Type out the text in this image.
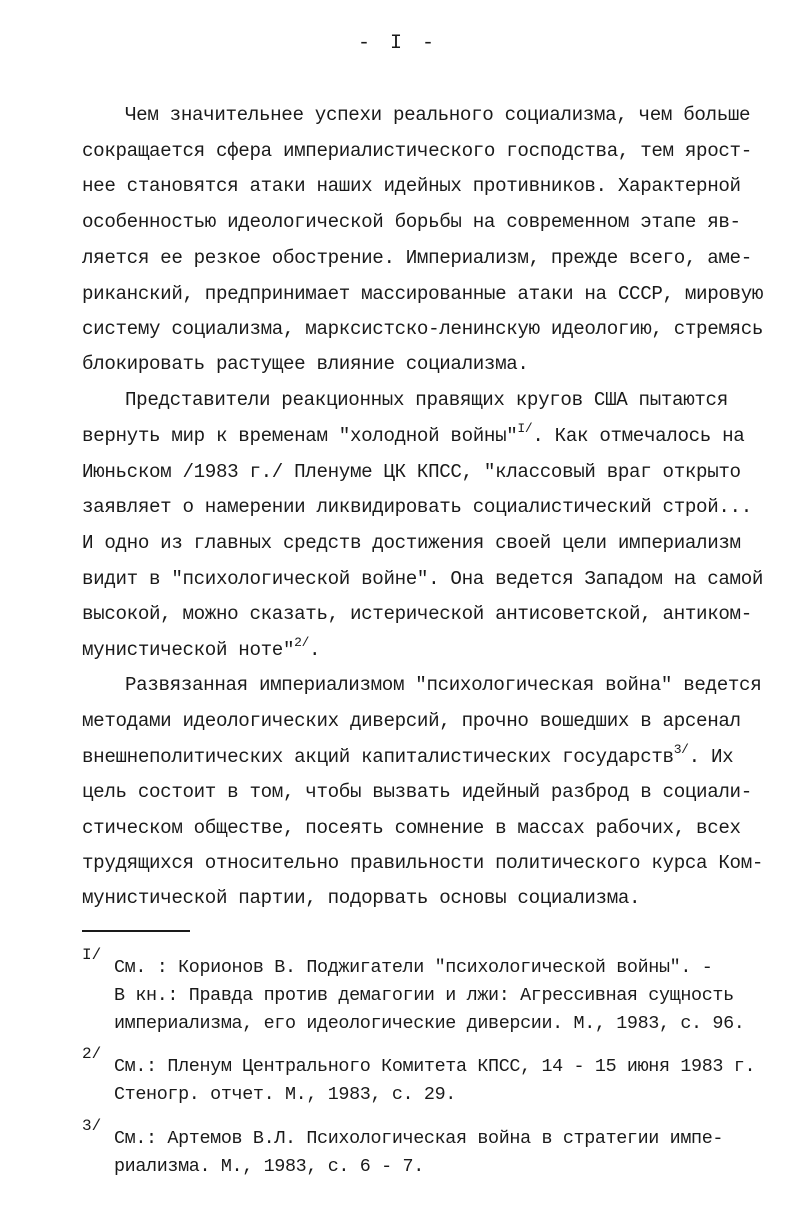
- I -
Чем значительнее успехи реального социализма, чем больше
сокращается сфера империалистического господства, тем ярост-
нее становятся атаки наших идейных противников. Характерной
особенностью идеологической борьбы на современном этапе яв-
ляется ее резкое обострение. Империализм, прежде всего, аме-
риканский, предпринимает массированные атаки на СССР, мировую
систему социализма, марксистско-ленинскую идеологию, стремясь
блокировать растущее влияние социализма.
Представители реакционных правящих кругов США пытаются
вернуть мир к временам "холодной войны"$^{I/}$. Как отмечалось на
Июньском /1983 г./ Пленуме ЦК КПСС, "классовый враг открыто
заявляет о намерении ликвидировать социалистический строй...
И одно из главных средств достижения своей цели империализм
видит в "психологической войне". Она ведется Западом на самой
высокой, можно сказать, истерической антисоветской, антиком-
мунистической ноте"$^{2/}$.
Развязанная империализмом "психологическая война" ведется
методами идеологических диверсий, прочно вошедших в арсенал
внешнеполитических акций капиталистических государств$^{3/}$. Их
цель состоит в том, чтобы вызвать идейный разброд в социали-
стическом обществе, посеять сомнение в массах рабочих, всех
трудящихся относительно правильности политического курса Ком-
мунистической партии, подорвать основы социализма.
I/
См. : Корионов В. Поджигатели "психологической войны". -
В кн.: Правда против демагогии и лжи: Агрессивная сущность
империализма, его идеологические диверсии. М., 1983, с. 96.
2/
См.: Пленум Центрального Комитета КПСС, 14 - 15 июня 1983 г.
Стеногр. отчет. М., 1983, с. 29.
3/
См.: Артемов В.Л. Психологическая война в стратегии импе-
риализма. М., 1983, с. 6 - 7.
